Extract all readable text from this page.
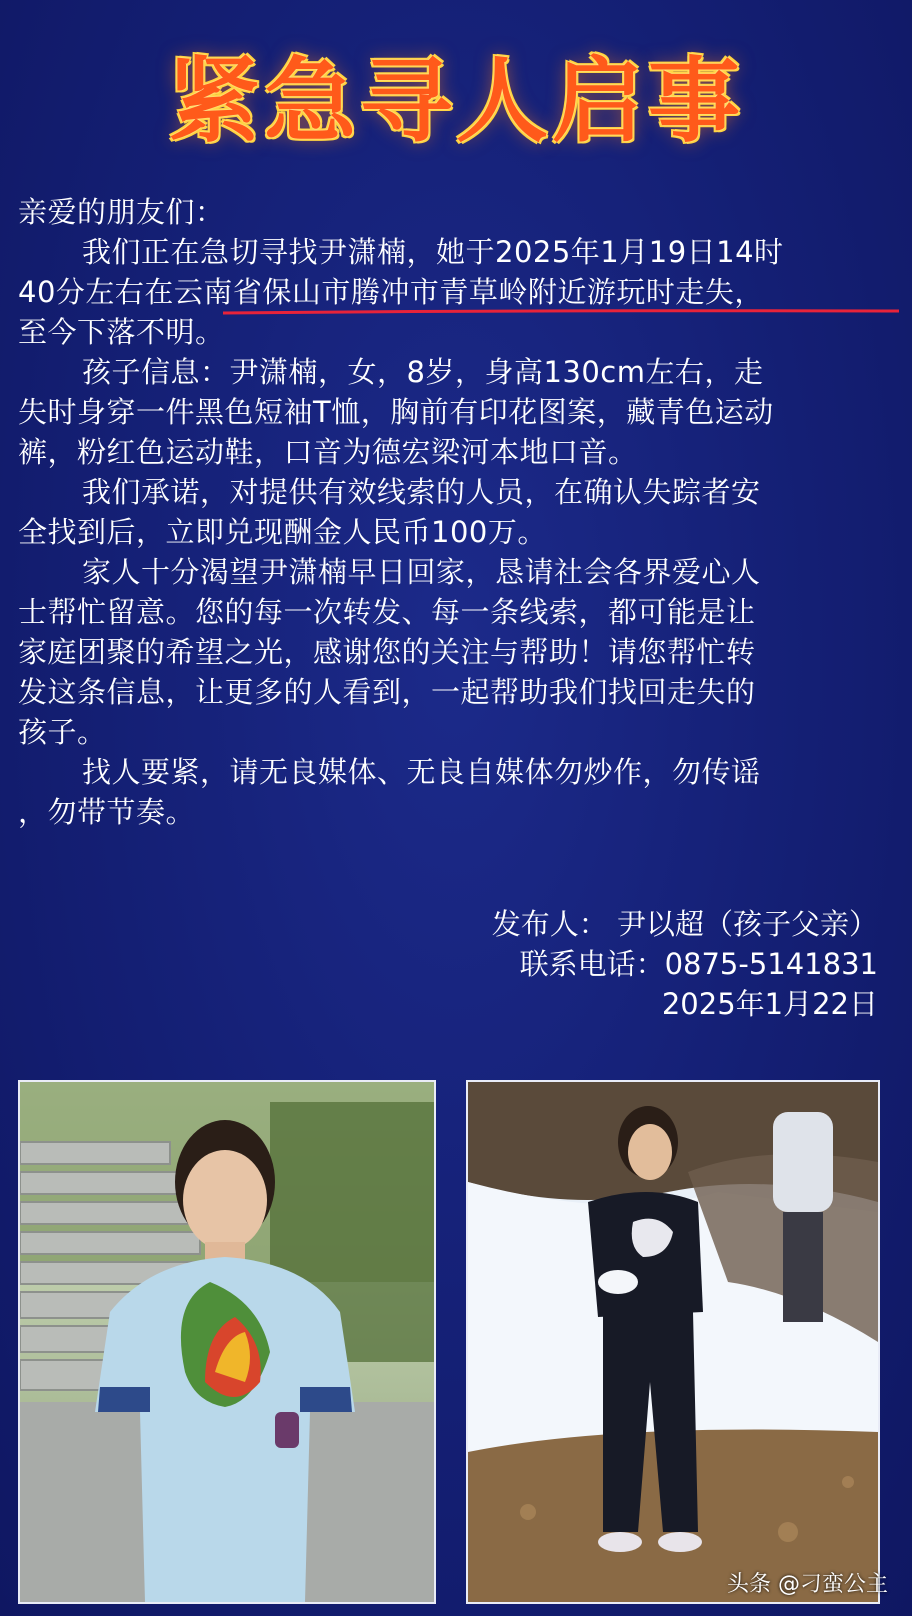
紧急寻人启事
亲爱的朋友们：
我们正在急切寻找尹潇楠，她于2025年1月19日14时
40分左右在云南省保山市腾冲市青草岭附近游玩时走失，
至今下落不明。
孩子信息：尹潇楠，女，8岁，身高130cm左右，走
失时身穿一件黑色短袖T恤，胸前有印花图案，藏青色运动
裤，粉红色运动鞋，口音为德宏梁河本地口音。
我们承诺，对提供有效线索的人员，在确认失踪者安
全找到后，立即兑现酬金人民币100万。
家人十分渴望尹潇楠早日回家，恳请社会各界爱心人
士帮忙留意。您的每一次转发、每一条线索，都可能是让
家庭团聚的希望之光，感谢您的关注与帮助！请您帮忙转
发这条信息，让更多的人看到，一起帮助我们找回走失的
孩子。
找人要紧，请无良媒体、无良自媒体勿炒作，勿传谣
，勿带节奏。
发布人： 尹以超（孩子父亲）
联系电话：0875-5141831
2025年1月22日
头条 @刁蛮公主
